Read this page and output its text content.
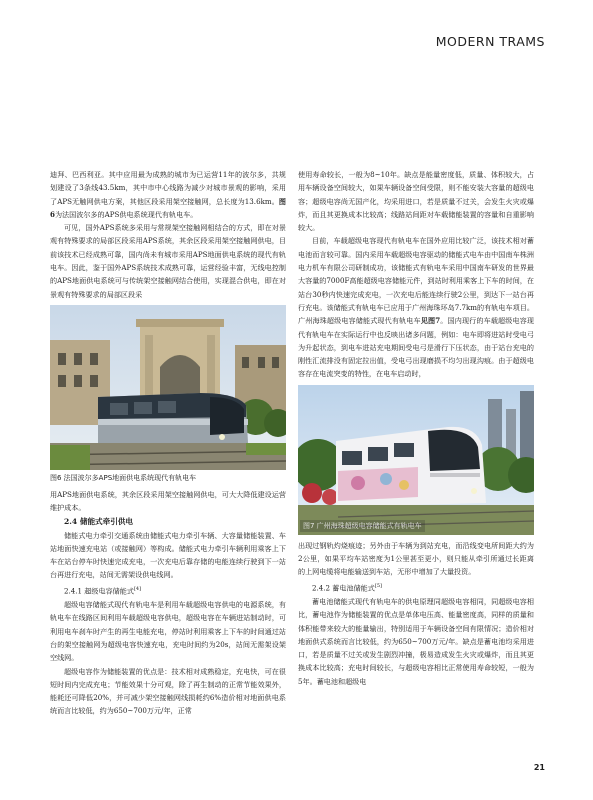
MODERN TRAMS

迪拜、巴西利亚。其中应用最为成熟的城市为已运营11年的波尔多，共规划建设了3条线43.5km，其中市中心线路为减少对城市景观的影响，采用了APS无触网供电方案，其他区段采用架空接触网，总长度为13.6km。图6为法国波尔多的APS供电系统现代有轨电车。

可见，国外APS系统多采用与常规架空接触网相结合的方式，即在对景观有特殊要求的局部区段采用APS系统，其余区段采用架空接触网供电，目前该技术已经成熟可靠，国内尚未有城市采用APS地面供电系统的现代有轨电车。因此，鉴于国外APS系统技术成熟可靠，运营经验丰富，无线电控制的APS地面供电系统可与传统架空接触网结合使用，实现混合供电，即在对景观有特殊要求的局部区段采

图6 法国波尔多APS地面供电系统现代有轨电车

用APS地面供电系统，其余区段采用架空接触网供电，可大大降低建设运营维护成本。

2.4 储能式牵引供电

储能式电力牵引交通系统由储能式电力牵引车辆、大容量储能装置、车站地面快速充电站（或接触网）等构成。储能式电力牵引车辆利用乘客上下车在站台停车时快速完成充电，一次充电后靠存储的电能连续行驶到下一站台再进行充电，站间无需架设供电线网。

2.4.1 超级电容储能式[4]

超级电容储能式现代有轨电车是利用车载超级电容供电的电源系统，有轨电车在线路区间利用车载超级电容供电，超级电容在车辆进站制动时，可利用电车刹车时产生的再生电能充电，停站时利用乘客上下车的时间通过站台的架空接触网为超级电容快速充电，充电时间约为20s，站间无需架设架空线网。

超级电容作为储能装置的优点是：技术相对成熟稳定，充电快，可在很短时间内完成充电；节能效果十分可观，除了再生制动的正常节能效果外，能耗还可降低20%，并可减少架空接触网线损耗约6%造价相对地面供电系统而言比较低，约为650~700万元/年，正常

使用寿命较长，一般为8~10年。缺点是能量密度低，质量、体积较大，占用车辆设备空间较大，如果车辆设备空间受限，则不能安装大容量的超级电容；超级电容尚无国产化，均采用进口，若是质量不过关，会发生火灾或爆炸，而且其更换成本比较高；线路站间距对车载储能装置的容量和自重影响较大。

目前，车载超级电容现代有轨电车在国外应用比较广泛，该技术相对蓄电池而言较可靠。国内采用车载超级电容驱动的储能式电车由中国南车株洲电力机车有限公司研制成功，该储能式有轨电车采用中国南车研发的世界最大容量的7000F高能超级电容储能元件，到站时利用乘客上下车的时间，在站台30秒内快速完成充电，一次充电后能连续行驶2公里，到达下一站台再行充电。该储能式有轨电车已应用于广州海珠环岛7.7km的有轨电车项目。广州海珠超级电容储能式现代有轨电车见图7。国内现行的车载超级电容现代有轨电车在实际运行中也反映出诸多问题，例如：电车即将进站时受电弓为升起状态，到电车进站充电期间受电弓是滑行下压状态，由于站台充电的刚性汇流排没有固定拉出值，受电弓出现磨损不均匀出现沟痕。由于超级电容存在电流突变的特性，在电车启动时，

图7 广州海珠超级电容储能式有轨电车

出现过钢轨灼烧痕迹；另外由于车辆为到站充电，而沿线变电所间距大约为2公里，如果平均车站密度为1公里甚至更小，则只能从牵引所通过长距离的上网电缆将电能输送到车站，无形中增加了大量投资。

2.4.2 蓄电池储能式[5]

蓄电池储能式现代有轨电车的供电原理同超级电容相同，同超级电容相比，蓄电池作为储能装置的优点是单体电压高、能量密度高，同样的质量和体积能带来较大的能量输出，特别适用于车辆设备空间有限情况；造价相对地面供式系统而言比较低，约为650~700万元/年。缺点是蓄电池均采用进口，若是质量不过关或发生剧烈冲撞，极易造成发生火灾或爆炸，而且其更换成本比较高；充电时间较长，与超级电容相比正常使用寿命较短，一般为5年。蓄电池和超级电

21
